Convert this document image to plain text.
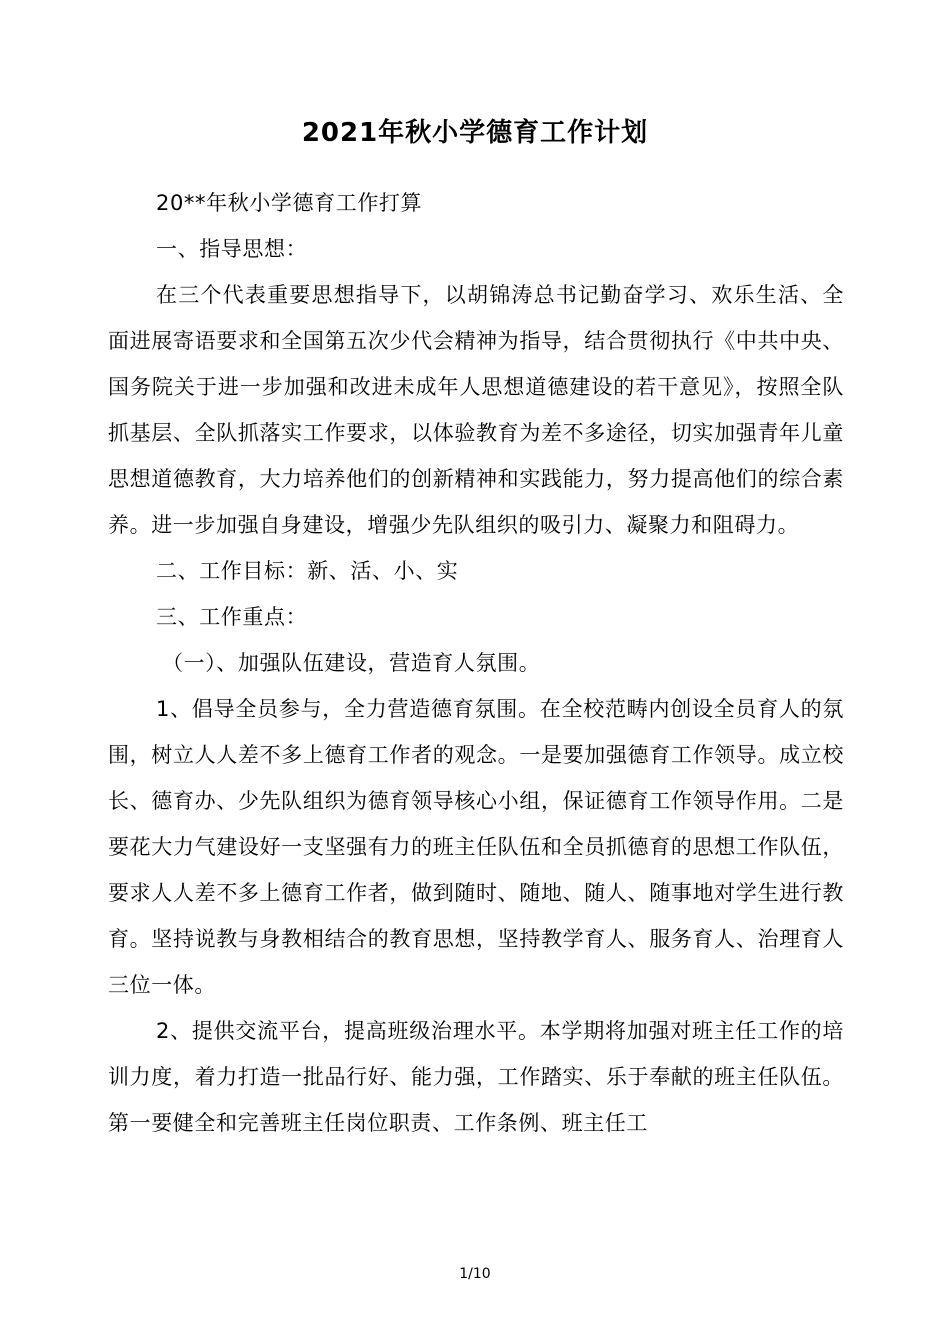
2021年秋小学德育工作计划

20**年秋小学德育工作打算

一、指导思想：

在三个代表重要思想指导下，以胡锦涛总书记勤奋学习、欢乐生活、全面进展寄语要求和全国第五次少代会精神为指导，结合贯彻执行《中共中央、国务院关于进一步加强和改进未成年人思想道德建设的若干意见》，按照全队抓基层、全队抓落实工作要求，以体验教育为差不多途径，切实加强青年儿童思想道德教育，大力培养他们的创新精神和实践能力，努力提高他们的综合素养。进一步加强自身建设，增强少先队组织的吸引力、凝聚力和阻碍力。

二、工作目标：新、活、小、实

三、工作重点：

（一）、加强队伍建设，营造育人氛围。

1、倡导全员参与，全力营造德育氛围。在全校范畴内创设全员育人的氛围，树立人人差不多上德育工作者的观念。一是要加强德育工作领导。成立校长、德育办、少先队组织为德育领导核心小组，保证德育工作领导作用。二是要花大力气建设好一支坚强有力的班主任队伍和全员抓德育的思想工作队伍，要求人人差不多上德育工作者，做到随时、随地、随人、随事地对学生进行教育。坚持说教与身教相结合的教育思想，坚持教学育人、服务育人、治理育人三位一体。

2、提供交流平台，提高班级治理水平。本学期将加强对班主任工作的培训力度，着力打造一批品行好、能力强，工作踏实、乐于奉献的班主任队伍。第一要健全和完善班主任岗位职责、工作条例、班主任工

1/10
